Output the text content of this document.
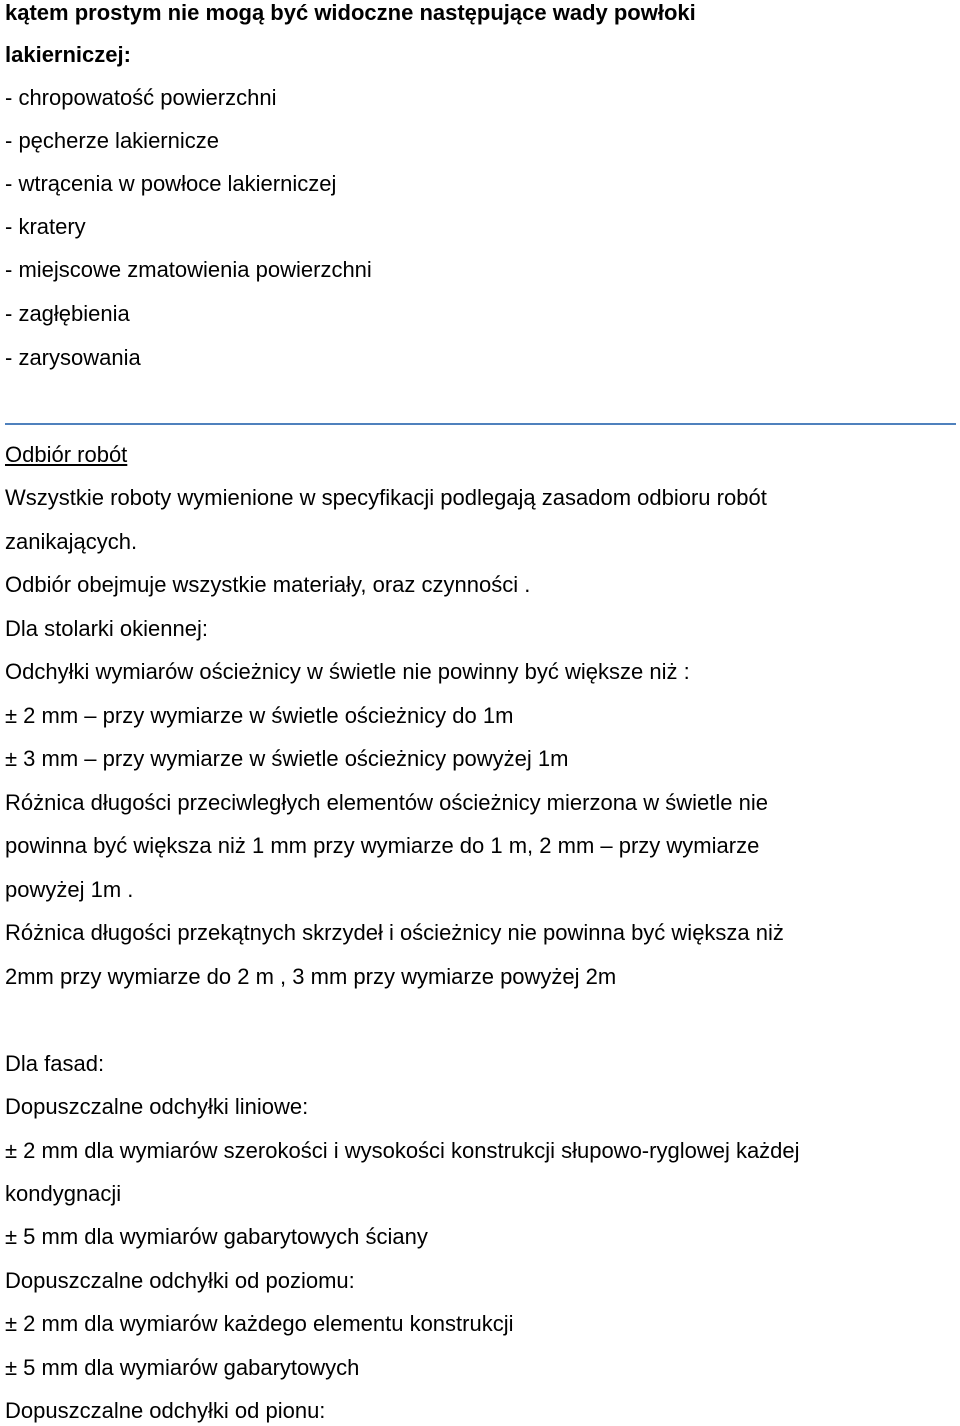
kątem prostym nie mogą być widoczne następujące wady powłoki

lakierniczej:

- chropowatość powierzchni

- pęcherze lakiernicze

- wtrącenia w powłoce lakierniczej

- kratery

- miejscowe zmatowienia powierzchni

- zagłębienia

- zarysowania

Odbiór robót

Wszystkie roboty wymienione w specyfikacji podlegają zasadom odbioru robót

zanikających.

Odbiór obejmuje wszystkie materiały, oraz czynności .

Dla stolarki okiennej:

Odchyłki wymiarów ościeżnicy w świetle nie powinny być większe niż :

± 2 mm – przy wymiarze w świetle ościeżnicy do 1m

± 3 mm – przy wymiarze w świetle ościeżnicy powyżej 1m

Różnica długości przeciwległych elementów ościeżnicy mierzona w świetle nie

powinna być większa niż 1 mm przy wymiarze do 1 m, 2 mm – przy wymiarze

powyżej 1m .

Różnica długości przekątnych skrzydeł i ościeżnicy nie powinna być większa niż

2mm przy wymiarze do 2 m , 3 mm przy wymiarze powyżej 2m

Dla fasad:

Dopuszczalne odchyłki liniowe:

± 2 mm dla wymiarów szerokości i wysokości konstrukcji słupowo-ryglowej każdej

kondygnacji

± 5 mm dla wymiarów gabarytowych ściany

Dopuszczalne odchyłki od poziomu:

± 2 mm dla wymiarów każdego elementu konstrukcji

± 5 mm dla wymiarów gabarytowych

Dopuszczalne odchyłki od pionu:
